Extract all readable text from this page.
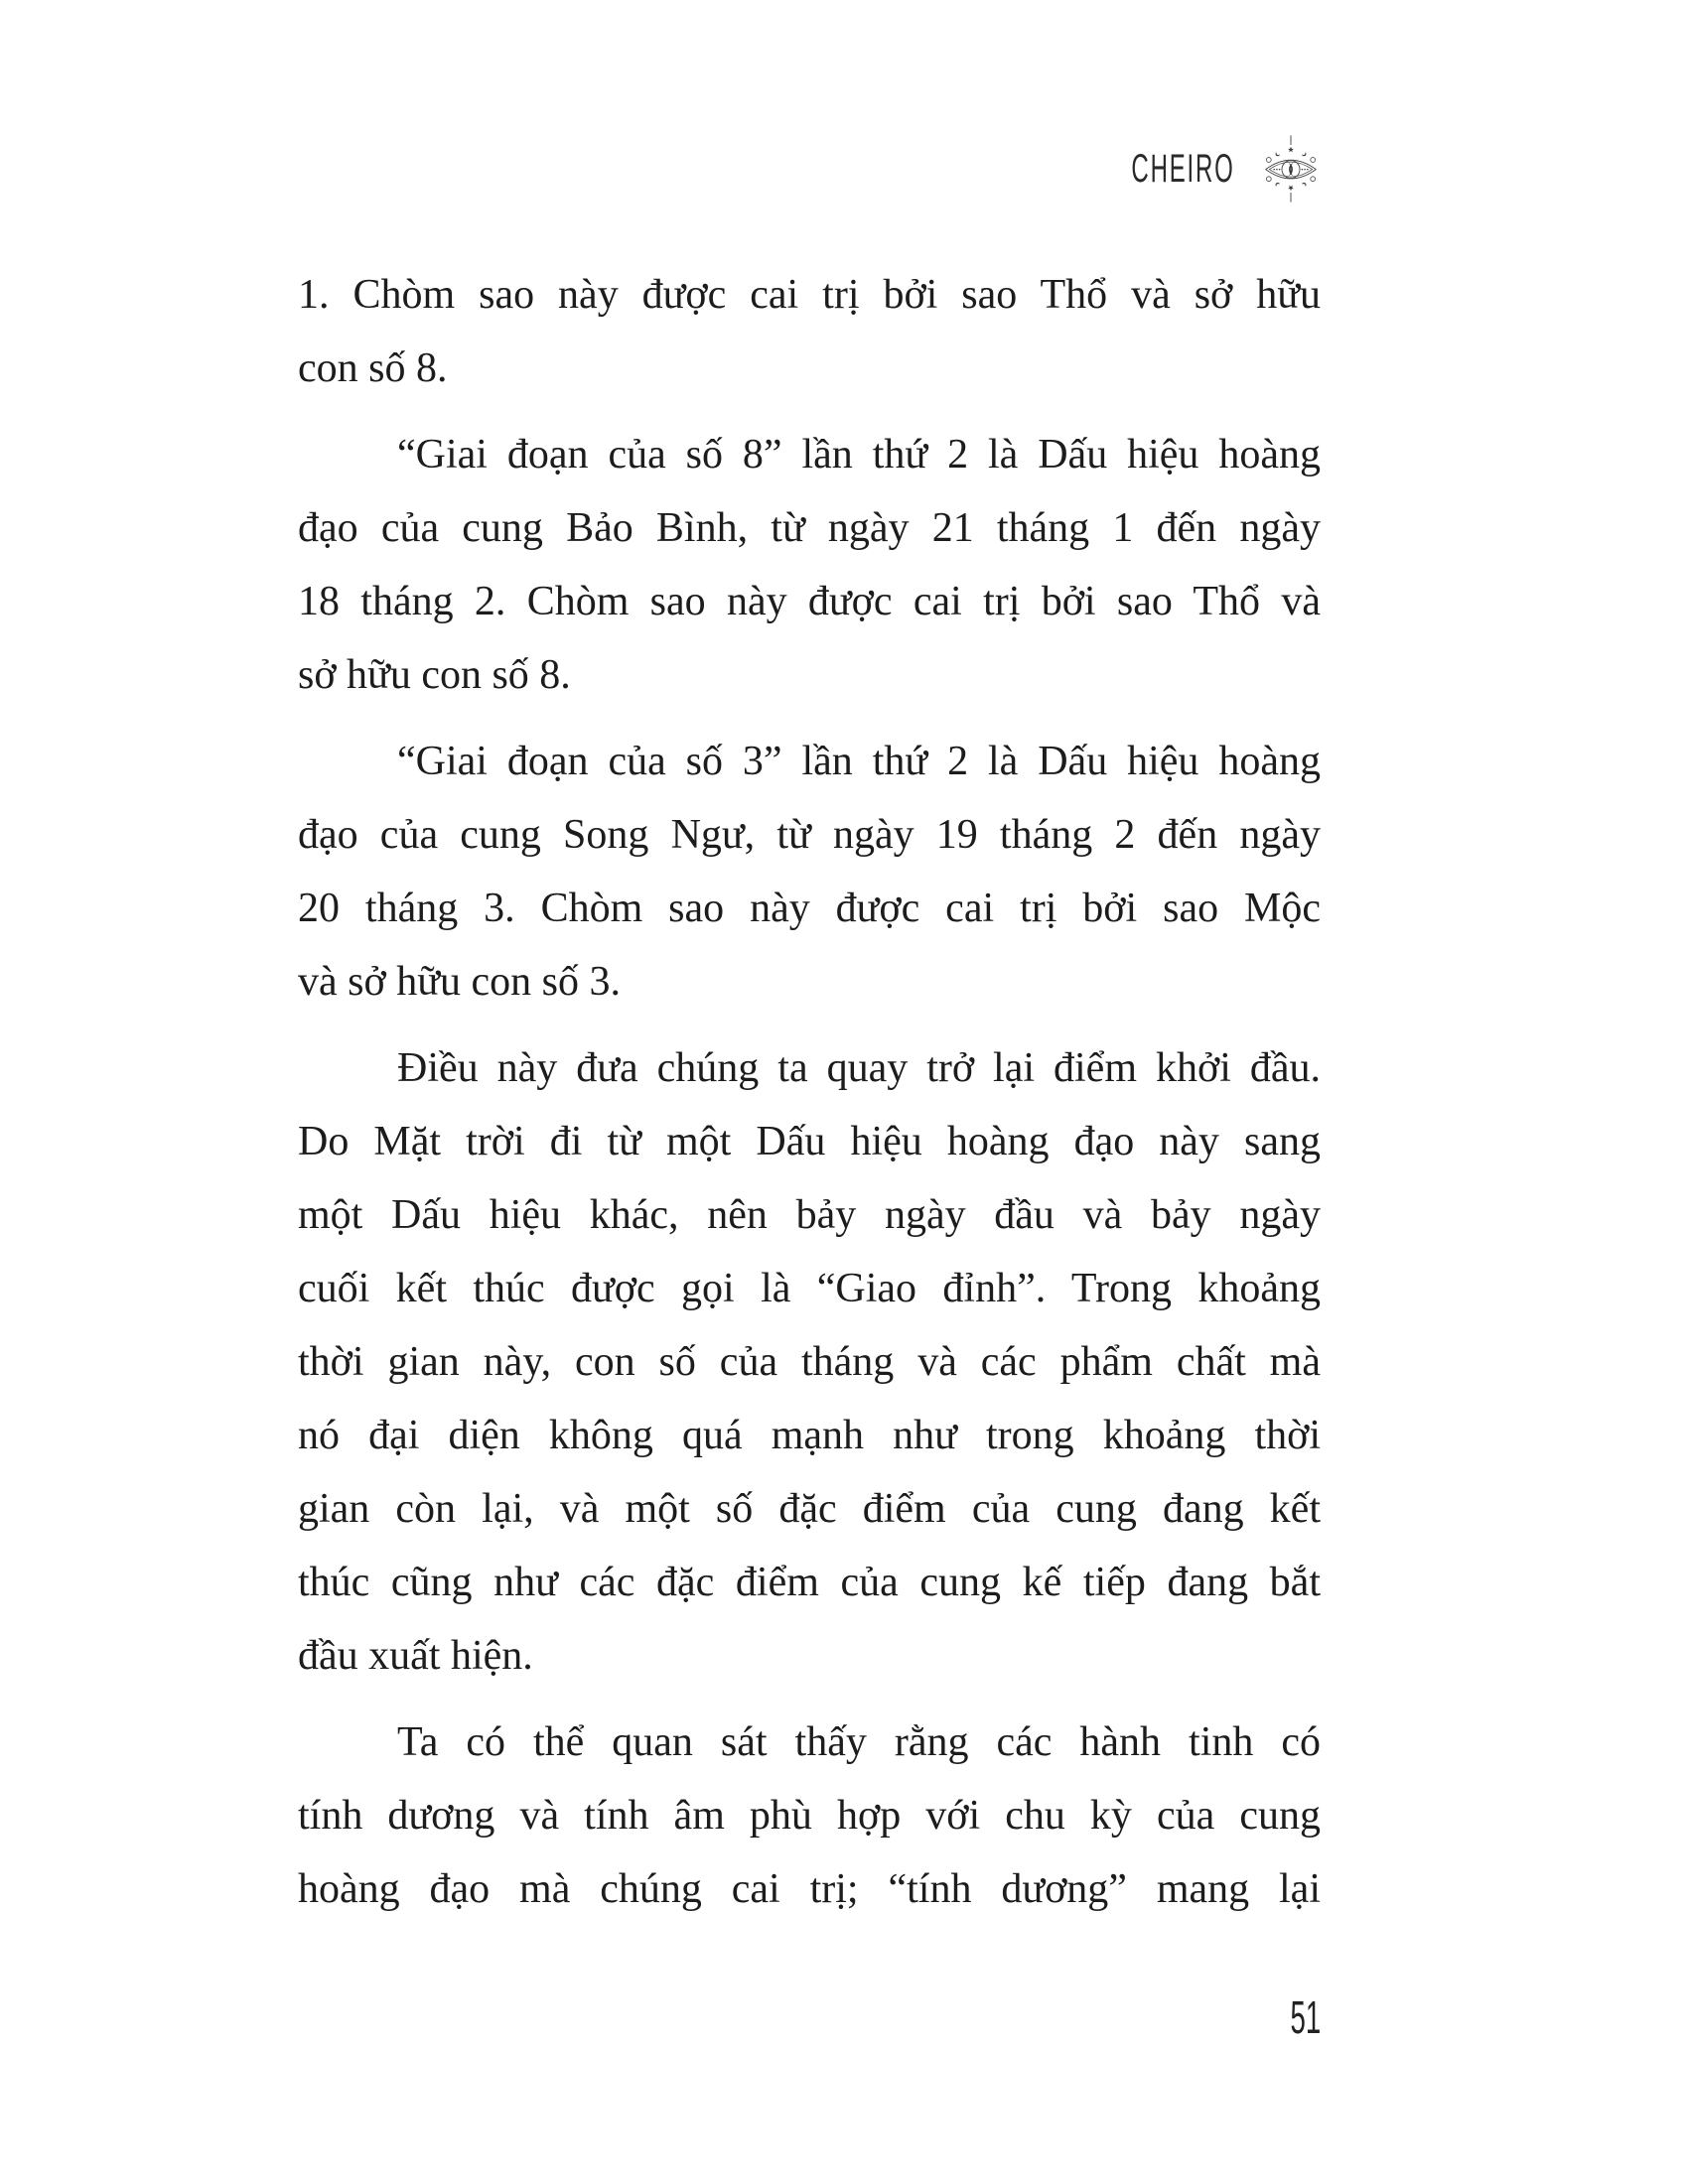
CHEIRO
1. Chòm sao này được cai trị bởi sao Thổ và sở hữu
con số 8.
“Giai đoạn của số 8” lần thứ 2 là Dấu hiệu hoàng
đạo của cung Bảo Bình, từ ngày 21 tháng 1 đến ngày
18 tháng 2. Chòm sao này được cai trị bởi sao Thổ và
sở hữu con số 8.
“Giai đoạn của số 3” lần thứ 2 là Dấu hiệu hoàng
đạo của cung Song Ngư, từ ngày 19 tháng 2 đến ngày
20 tháng 3. Chòm sao này được cai trị bởi sao Mộc
và sở hữu con số 3.
Điều này đưa chúng ta quay trở lại điểm khởi đầu.
Do Mặt trời đi từ một Dấu hiệu hoàng đạo này sang
một Dấu hiệu khác, nên bảy ngày đầu và bảy ngày
cuối kết thúc được gọi là “Giao đỉnh”. Trong khoảng
thời gian này, con số của tháng và các phẩm chất mà
nó đại diện không quá mạnh như trong khoảng thời
gian còn lại, và một số đặc điểm của cung đang kết
thúc cũng như các đặc điểm của cung kế tiếp đang bắt
đầu xuất hiện.
Ta có thể quan sát thấy rằng các hành tinh có
tính dương và tính âm phù hợp với chu kỳ của cung
hoàng đạo mà chúng cai trị; “tính dương” mang lại
51
